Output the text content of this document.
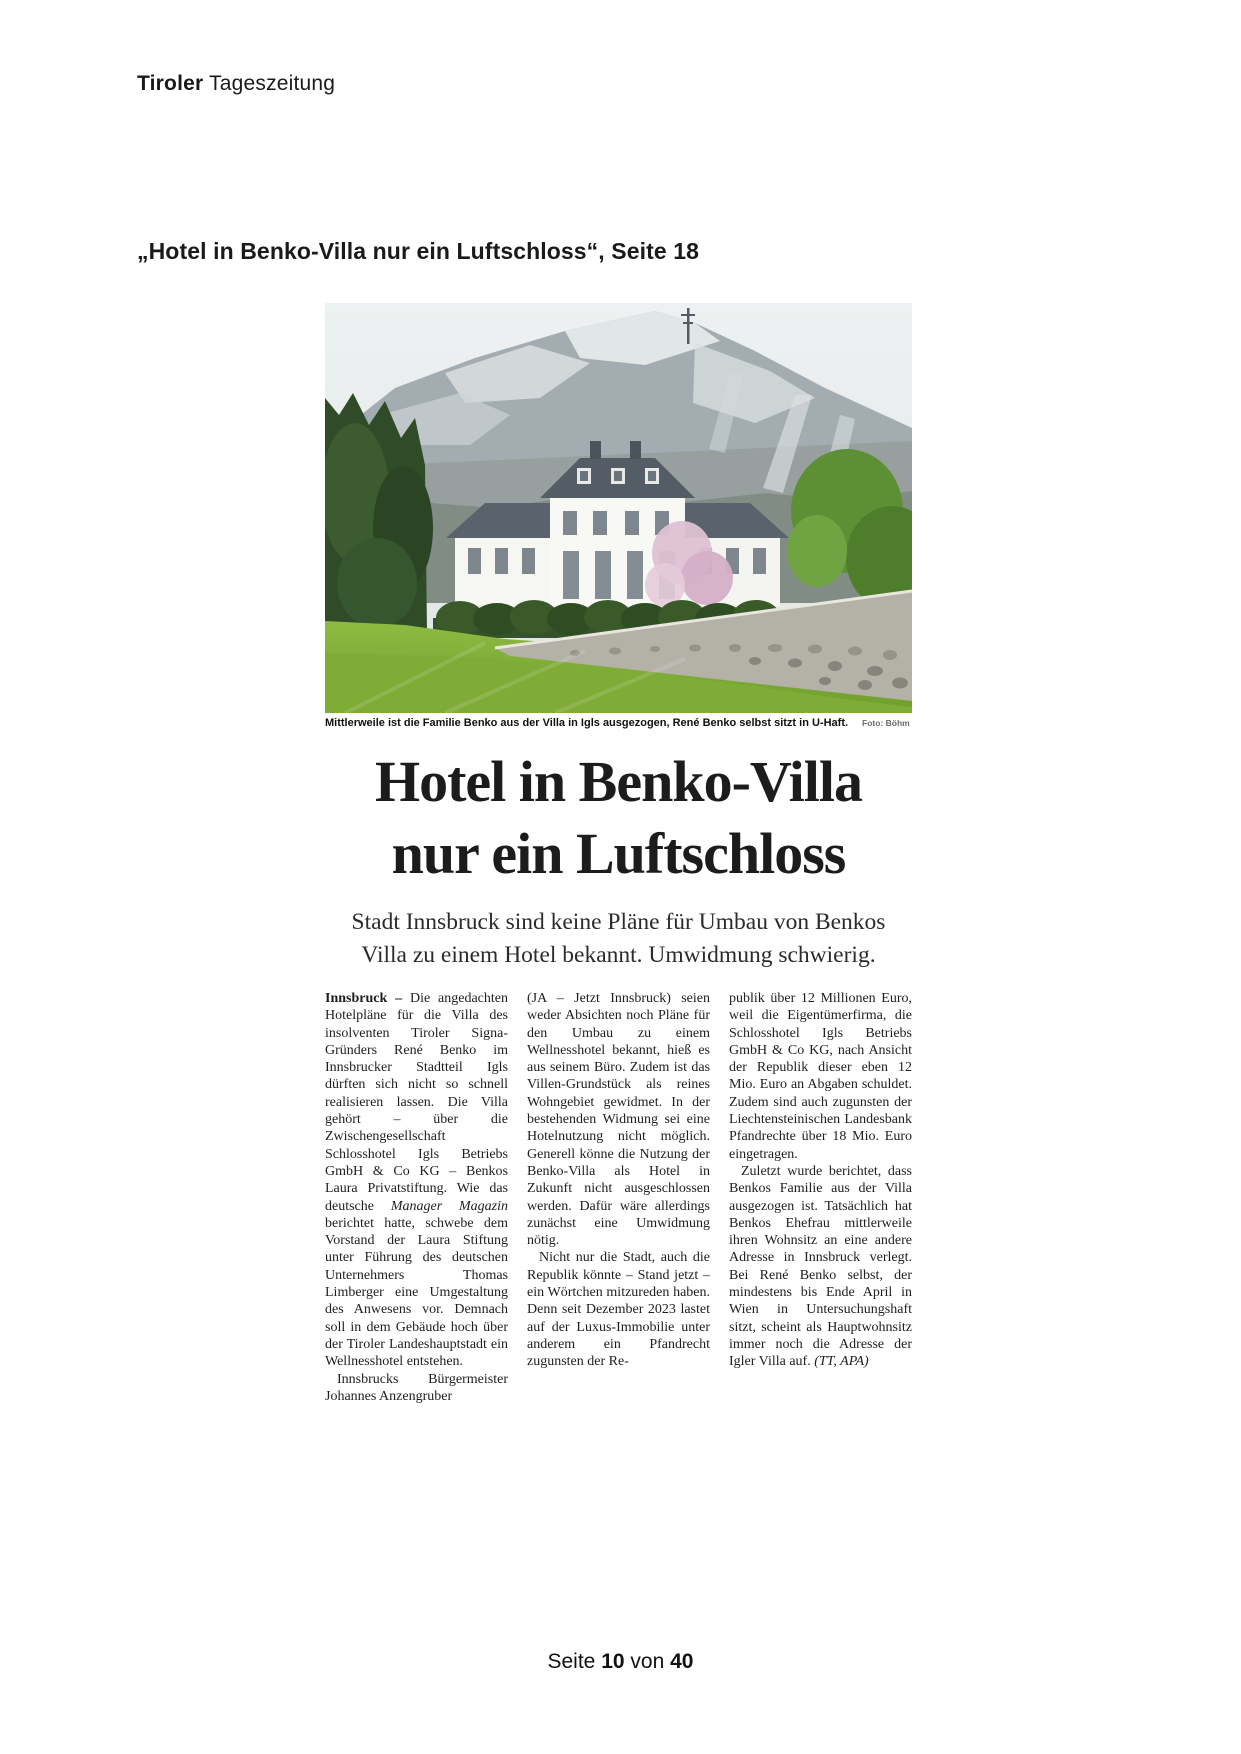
Tiroler Tageszeitung
„Hotel in Benko-Villa nur ein Luftschloss“, Seite 18
Mittlerweile ist die Familie Benko aus der Villa in Igls ausgezogen, René Benko selbst sitzt in U-Haft. Foto: Böhm
Hotel in Benko-Villa
nur ein Luftschloss
Stadt Innsbruck sind keine Pläne für Umbau von Benkos
Villa zu einem Hotel bekannt. Umwidmung schwierig.

Innsbruck – Die angedachten Hotelpläne für die Villa des insolventen Tiroler Signa-Gründers René Benko im Innsbrucker Stadtteil Igls dürften sich nicht so schnell realisieren lassen. Die Villa gehört – über die Zwischengesellschaft Schlosshotel Igls Betriebs GmbH & Co KG – Benkos Laura Privatstiftung. Wie das deutsche Manager Magazin berichtet hatte, schwebe dem Vorstand der Laura Stiftung unter Führung des deutschen Unternehmers Thomas Limberger eine Umgestaltung des Anwesens vor. Demnach soll in dem Gebäude hoch über der Tiroler Landeshauptstadt ein Wellnesshotel entstehen.

Innsbrucks Bürgermeister Johannes Anzengruber

(JA – Jetzt Innsbruck) seien weder Absichten noch Pläne für den Umbau zu einem Wellnesshotel bekannt, hieß es aus seinem Büro. Zudem ist das Villen-Grundstück als reines Wohngebiet gewidmet. In der bestehenden Widmung sei eine Hotelnutzung nicht möglich. Generell könne die Nutzung der Benko-Villa als Hotel in Zukunft nicht ausgeschlossen werden. Dafür wäre allerdings zunächst eine Umwidmung nötig.

Nicht nur die Stadt, auch die Republik könnte – Stand jetzt – ein Wörtchen mitzureden haben. Denn seit Dezember 2023 lastet auf der Luxus-Immobilie unter anderem ein Pfandrecht zugunsten der Re-

publik über 12 Millionen Euro, weil die Eigentümerfirma, die Schlosshotel Igls Betriebs GmbH & Co KG, nach Ansicht der Republik dieser eben 12 Mio. Euro an Abgaben schuldet. Zudem sind auch zugunsten der Liechtensteinischen Landesbank Pfandrechte über 18 Mio. Euro eingetragen.

Zuletzt wurde berichtet, dass Benkos Familie aus der Villa ausgezogen ist. Tatsächlich hat Benkos Ehefrau mittlerweile ihren Wohnsitz an eine andere Adresse in Innsbruck verlegt. Bei René Benko selbst, der mindestens bis Ende April in Wien in Untersuchungshaft sitzt, scheint als Hauptwohnsitz immer noch die Adresse der Igler Villa auf. (TT, APA)

Seite 10 von 40
